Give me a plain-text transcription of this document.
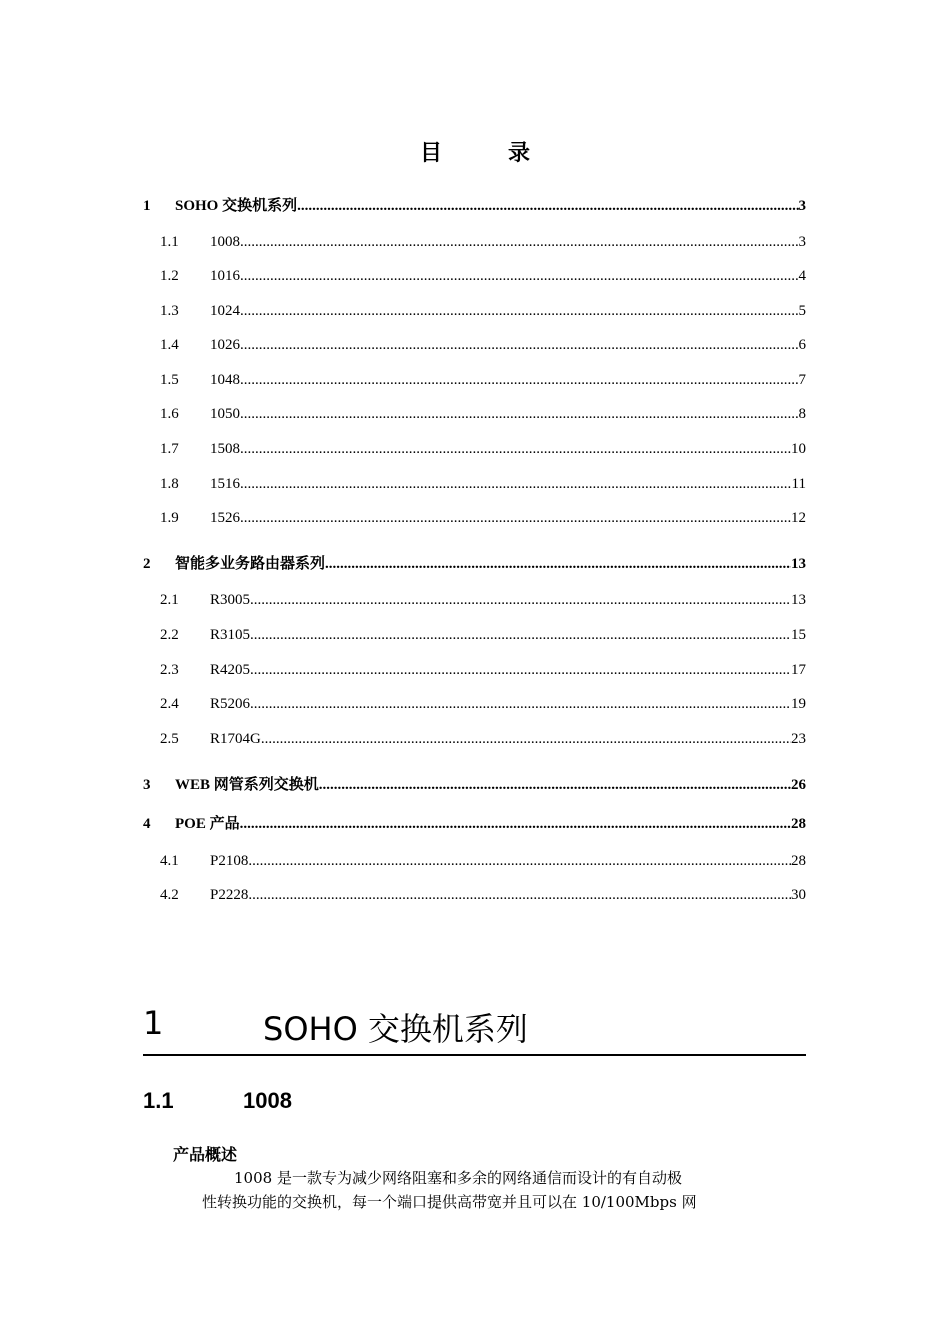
目　录
1	SOHO 交换机系列 .....	3
1.1	1008 .....	3
1.2	1016 .....	4
1.3	1024 .....	5
1.4	1026 .....	6
1.5	1048 .....	7
1.6	1050 .....	8
1.7	1508 .....	10
1.8	1516 .....	11
1.9	1526 .....	12
2	智能多业务路由器系列 .....	13
2.1	R3005 .....	13
2.2	R3105 .....	15
2.3	R4205 .....	17
2.4	R5206 .....	19
2.5	R1704G .....	23
3	WEB 网管系列交换机 .....	26
4	POE 产品 .....	28
4.1	P2108 .....	28
4.2	P2228 .....	30
1	SOHO 交换机系列
1.1	1008
产品概述
1008 是一款专为减少网络阻塞和多余的网络通信而设计的有自动极
性转换功能的交换机，每一个端口提供高带宽并且可以在 10/100Mbps 网
